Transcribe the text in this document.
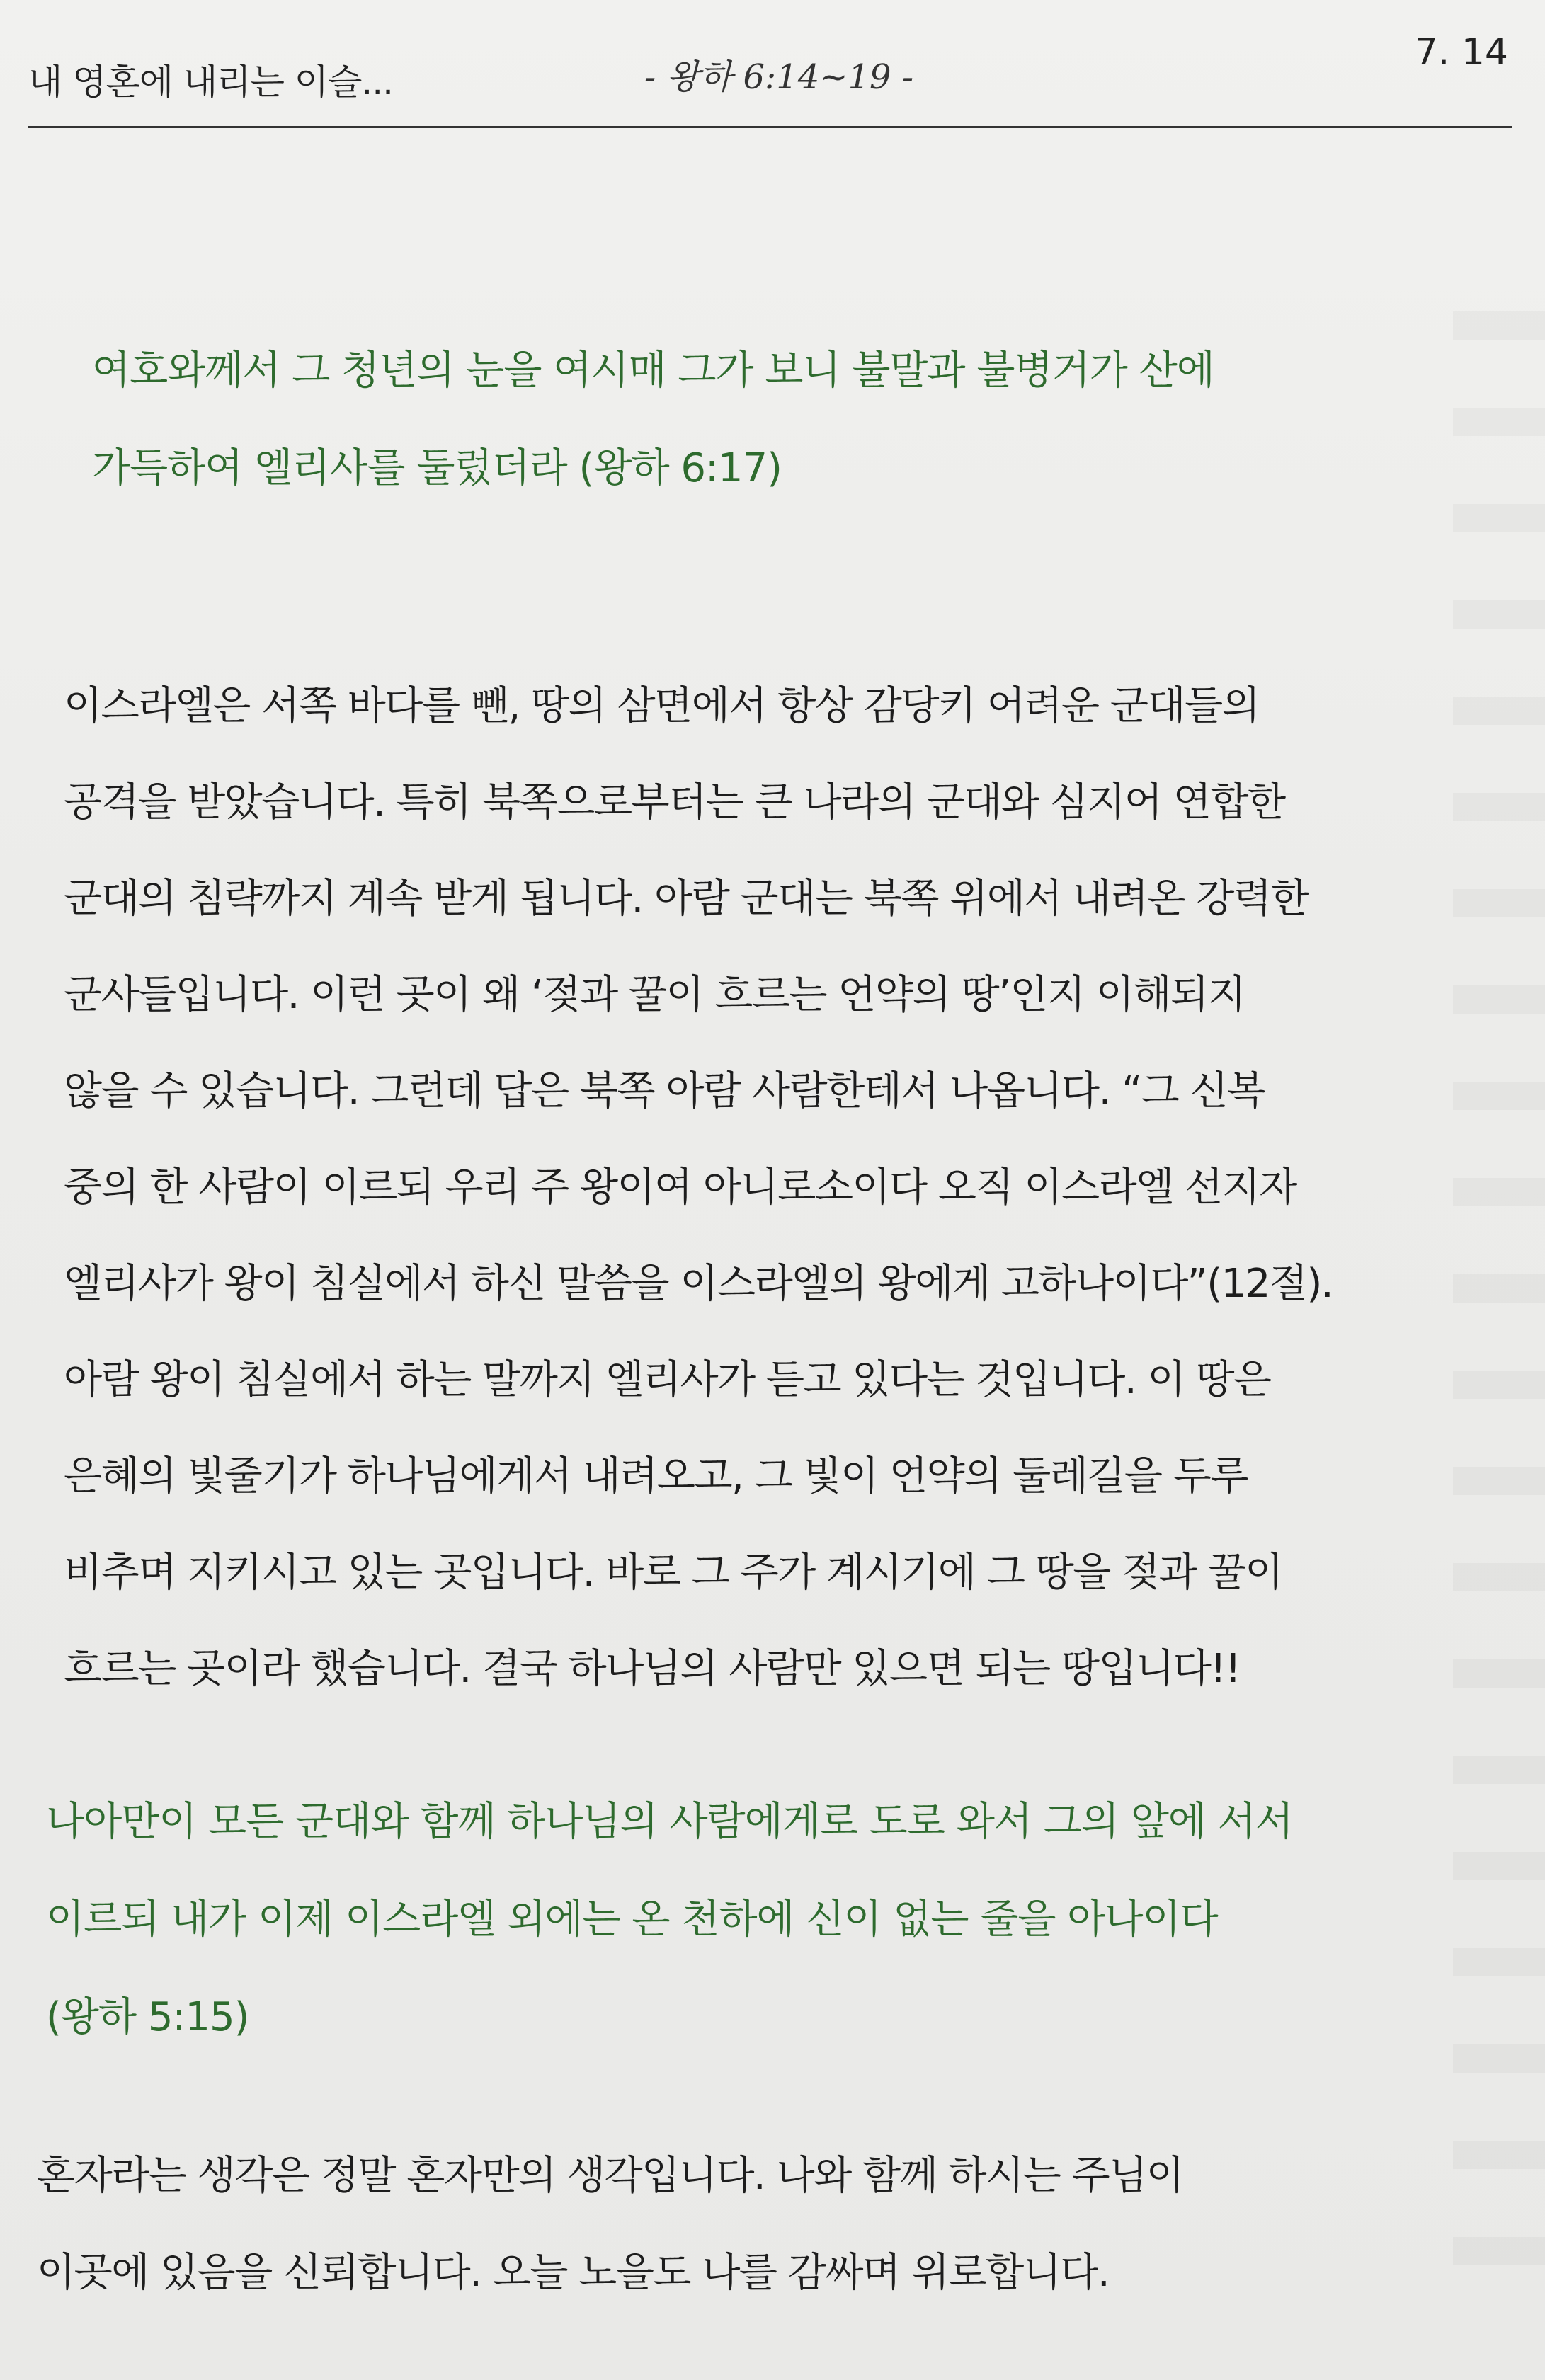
내 영혼에 내리는 이슬...	- 왕하 6:14~19 -
7. 14
여호와께서 그 청년의 눈을 여시매 그가 보니 불말과 불병거가 산에
가득하여 엘리사를 둘렀더라 (왕하 6:17)
이스라엘은 서쪽 바다를 뺀, 땅의 삼면에서 항상 감당키 어려운 군대들의
공격을 받았습니다. 특히 북쪽으로부터는 큰 나라의 군대와 심지어 연합한
군대의 침략까지 계속 받게 됩니다. 아람 군대는 북쪽 위에서 내려온 강력한
군사들입니다. 이런 곳이 왜 ‘젖과 꿀이 흐르는 언약의 땅’인지 이해되지
않을 수 있습니다. 그런데 답은 북쪽 아람 사람한테서 나옵니다. “그 신복
중의 한 사람이 이르되 우리 주 왕이여 아니로소이다 오직 이스라엘 선지자
엘리사가 왕이 침실에서 하신 말씀을 이스라엘의 왕에게 고하나이다”(12절).
아람 왕이 침실에서 하는 말까지 엘리사가 듣고 있다는 것입니다. 이 땅은
은혜의 빛줄기가 하나님에게서 내려오고, 그 빛이 언약의 둘레길을 두루
비추며 지키시고 있는 곳입니다. 바로 그 주가 계시기에 그 땅을 젖과 꿀이
흐르는 곳이라 했습니다. 결국 하나님의 사람만 있으면 되는 땅입니다!!
나아만이 모든 군대와 함께 하나님의 사람에게로 도로 와서 그의 앞에 서서
이르되 내가 이제 이스라엘 외에는 온 천하에 신이 없는 줄을 아나이다
(왕하 5:15)
혼자라는 생각은 정말 혼자만의 생각입니다. 나와 함께 하시는 주님이
이곳에 있음을 신뢰합니다. 오늘 노을도 나를 감싸며 위로합니다.
